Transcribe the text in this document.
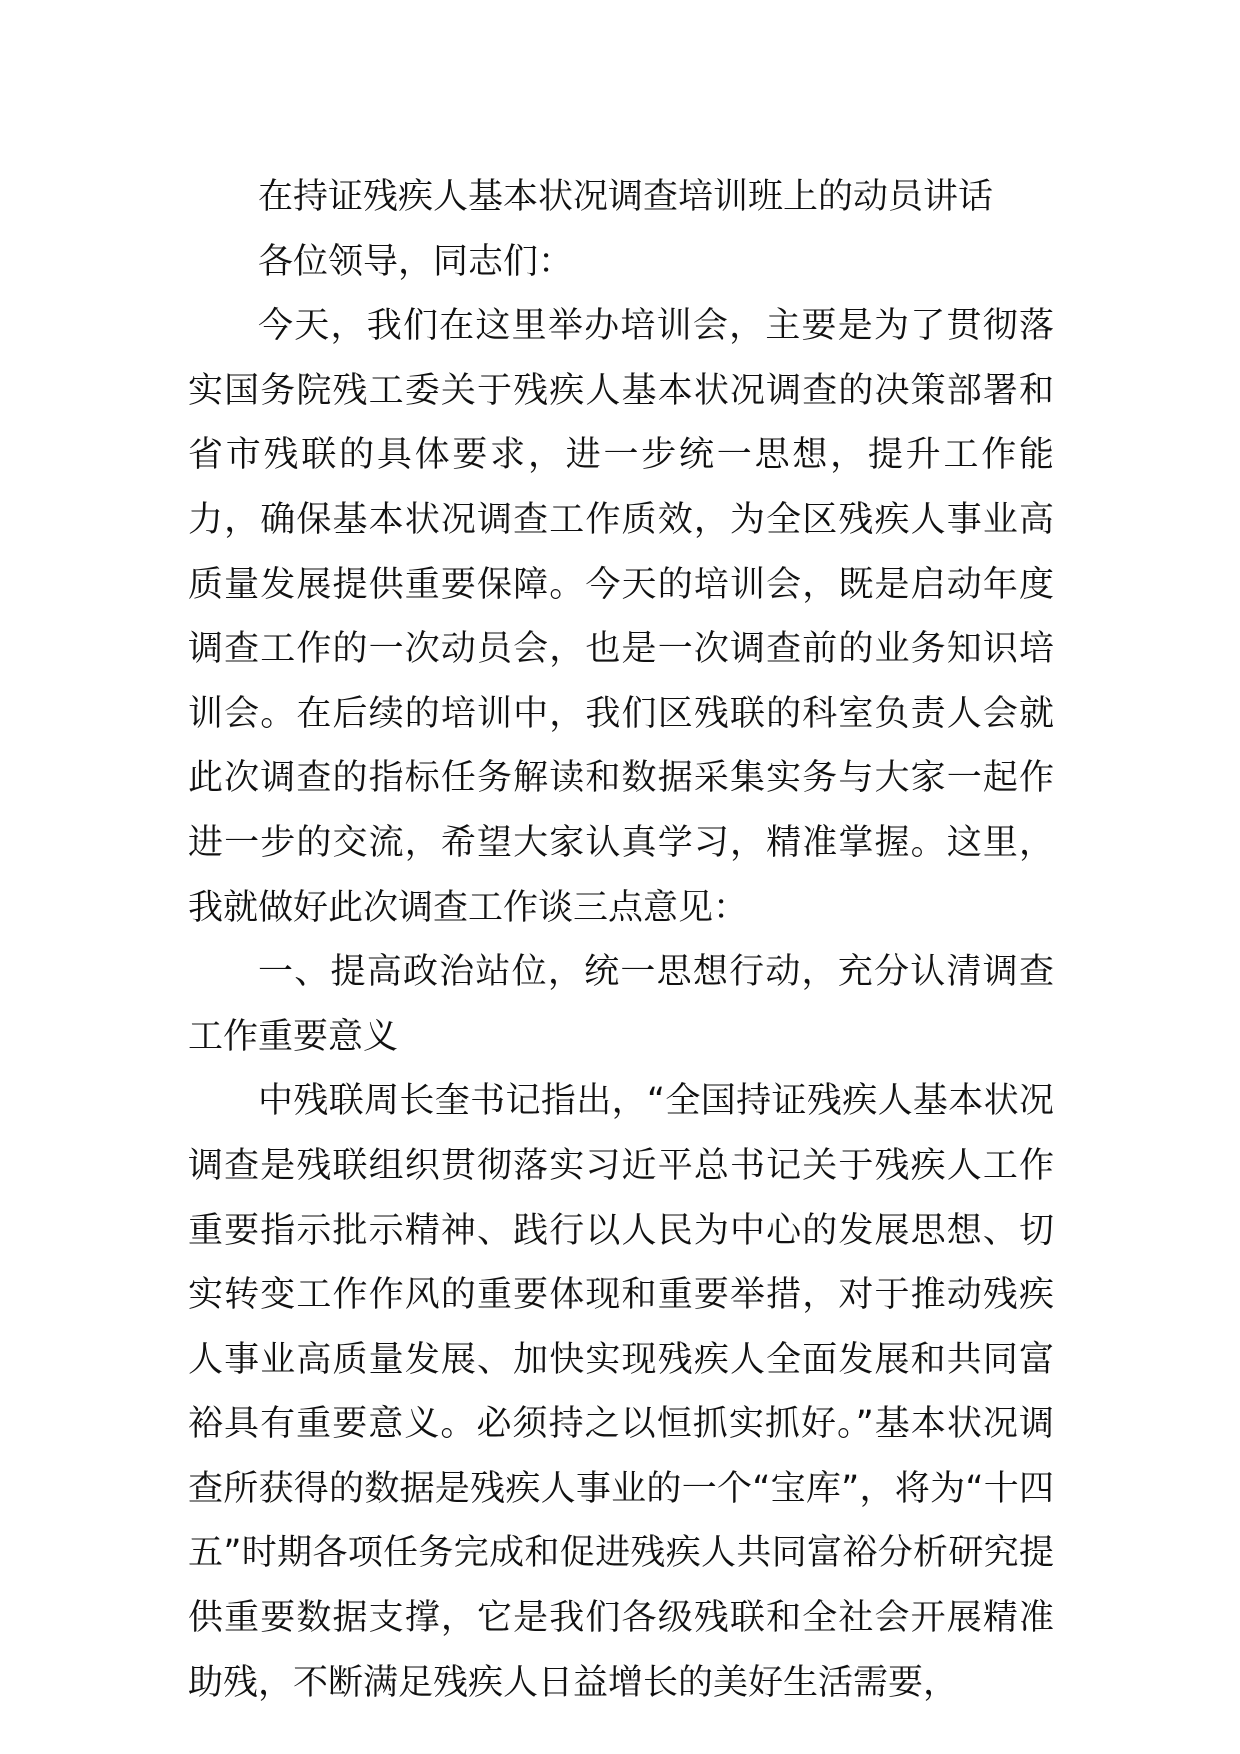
在持证残疾人基本状况调查培训班上的动员讲话

各位领导，同志们：

今天，我们在这里举办培训会，主要是为了贯彻落实国务院残工委关于残疾人基本状况调查的决策部署和省市残联的具体要求，进一步统一思想，提升工作能力，确保基本状况调查工作质效，为全区残疾人事业高质量发展提供重要保障。今天的培训会，既是启动年度调查工作的一次动员会，也是一次调查前的业务知识培训会。在后续的培训中，我们区残联的科室负责人会就此次调查的指标任务解读和数据采集实务与大家一起作进一步的交流，希望大家认真学习，精准掌握。这里，我就做好此次调查工作谈三点意见：

一、提高政治站位，统一思想行动，充分认清调查工作重要意义

中残联周长奎书记指出，“全国持证残疾人基本状况调查是残联组织贯彻落实习近平总书记关于残疾人工作重要指示批示精神、践行以人民为中心的发展思想、切实转变工作作风的重要体现和重要举措，对于推动残疾人事业高质量发展、加快实现残疾人全面发展和共同富裕具有重要意义。必须持之以恒抓实抓好。”基本状况调查所获得的数据是残疾人事业的一个“宝库”，将为“十四五”时期各项任务完成和促进残疾人共同富裕分析研究提供重要数据支撑，它是我们各级残联和全社会开展精准助残，不断满足残疾人日益增长的美好生活需要，
